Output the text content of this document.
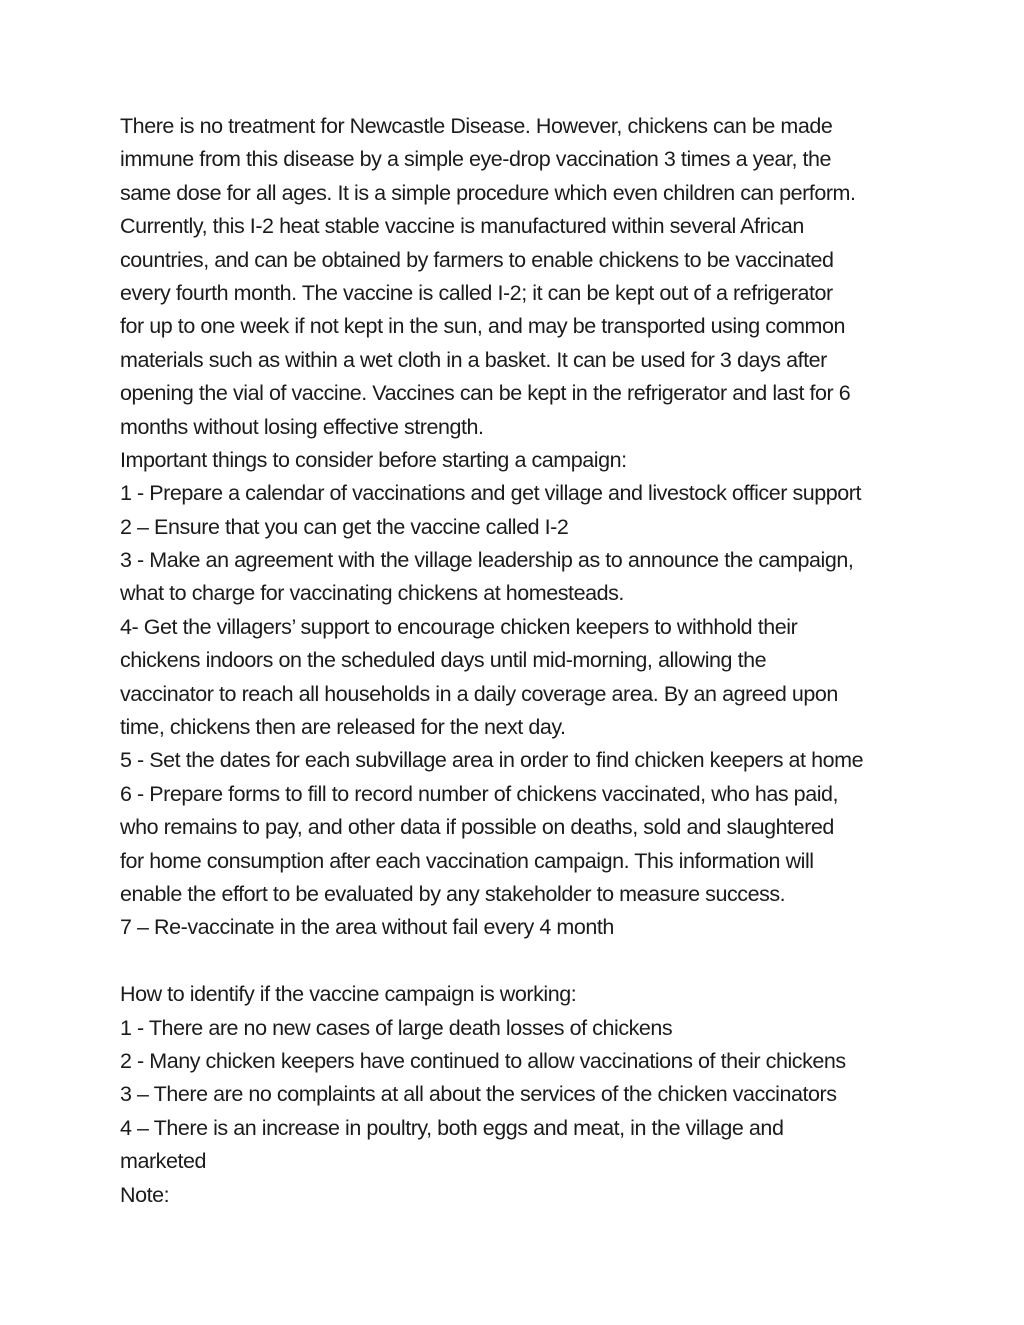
There is no treatment for Newcastle Disease. However, chickens can be made
immune from this disease by a simple eye-drop vaccination 3 times a year, the
same dose for all ages. It is a simple procedure which even children can perform.
Currently, this I-2 heat stable vaccine is manufactured within several African
countries, and can be obtained by farmers to enable chickens to be vaccinated
every fourth month. The vaccine is called I-2; it can be kept out of a refrigerator
for up to one week if not kept in the sun, and may be transported using common
materials such as within a wet cloth in a basket. It can be used for 3 days after
opening the vial of vaccine. Vaccines can be kept in the refrigerator and last for 6
months without losing effective strength.
Important things to consider before starting a campaign:
1 - Prepare a calendar of vaccinations and get village and livestock officer support
2 – Ensure that you can get the vaccine called I-2
3 - Make an agreement with the village leadership as to announce the campaign,
what to charge for vaccinating chickens at homesteads.
4- Get the villagers’ support to encourage chicken keepers to withhold their
chickens indoors on the scheduled days until mid-morning, allowing the
vaccinator to reach all households in a daily coverage area. By an agreed upon
time, chickens then are released for the next day.
5 - Set the dates for each subvillage area in order to find chicken keepers at home
6 - Prepare forms to fill to record number of chickens vaccinated, who has paid,
who remains to pay, and other data if possible on deaths, sold and slaughtered
for home consumption after each vaccination campaign. This information will
enable the effort to be evaluated by any stakeholder to measure success.
7 – Re-vaccinate in the area without fail every 4 month
How to identify if the vaccine campaign is working:
1 - There are no new cases of large death losses of chickens
2 - Many chicken keepers have continued to allow vaccinations of their chickens
3 – There are no complaints at all about the services of the chicken vaccinators
4 – There is an increase in poultry, both eggs and meat, in the village and
marketed
Note:
